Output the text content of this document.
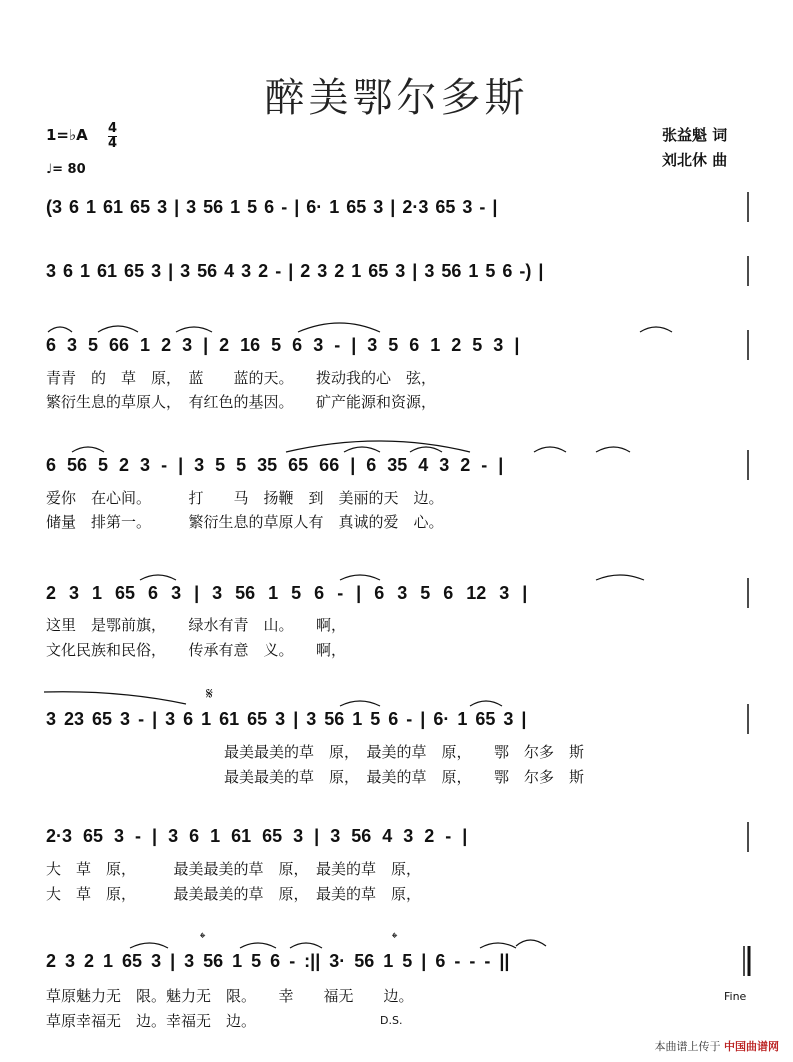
醉美鄂尔多斯
张益魁 词
刘北休 曲
1=♭A 4
4
♩= 80
(3 6 1 61 65 3 | 3 56 1 5 6 - | 6· 1 65 3 | 2·3 65 3 - |
3 6 1 61 65 3 | 3 56 4 3 2 - | 2 3 2 1 65 3 | 3 56 1 5 6 -) |
6 3 5 66 1 2 3 | 2 16 5 6 3 - | 3 5 6 1 2 5 3 |
青青　的　草　原，　蓝　　蓝的天。　　拨动我的心　弦，
繁衍生息的草原人，　有红色的基因。　　矿产能源和资源，
6 56 5 2 3 - | 3 5 5 35 65 66 | 6 35 4 3 2 - |
爱你　在心间。　　　打　　马　扬鞭　到　美丽的天　边。
储量　排第一。　　　繁衍生息的草原人有　真诚的爱　心。
2 3 1 65 6 3 | 3 56 1 5 6 - | 6 3 5 6 12 3 |
这里　是鄂前旗，　　绿水有青　山。　　啊，
文化民族和民俗，　　传承有意　义。　　啊，
𝄋
3 23 65 3 - | 3 6 1 61 65 3 | 3 56 1 5 6 - | 6· 1 65 3 |
最美最美的草　原，　最美的草　原，　　鄂　尔多　斯
最美最美的草　原，　最美的草　原，　　鄂　尔多　斯
2·3 65 3 - | 3 6 1 61 65 3 | 3 56 4 3 2 - |
大　草　原，　　　最美最美的草　原，　最美的草　原，
大　草　原，　　　最美最美的草　原，　最美的草　原，
𝄌	𝄌
2 3 2 1 65 3 | 3 56 1 5 6 - :|| 3· 56 1 5 | 6 - - - ||
草原魅力无　限。魅力无　限。　　幸　　福无　　边。
草原幸福无　边。幸福无　边。	D.S.
Fine
本曲谱上传于 中国曲谱网
